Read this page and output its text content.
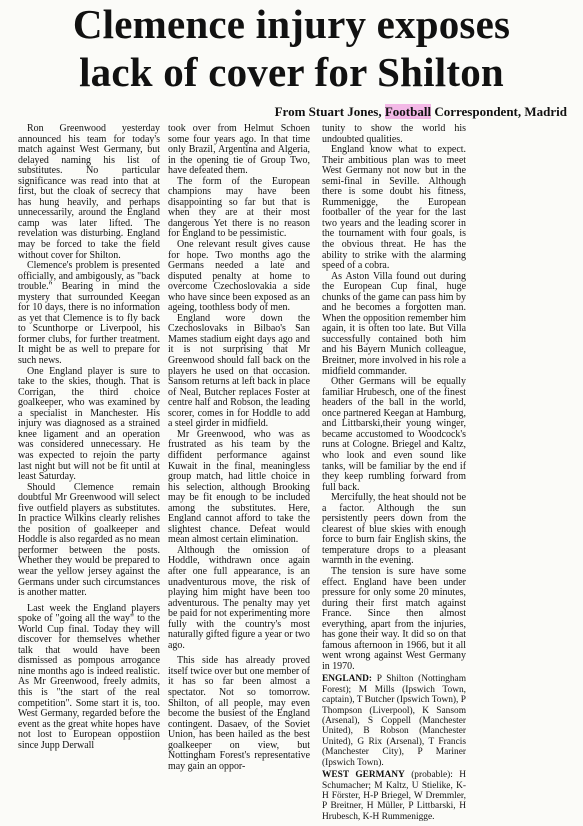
Clemence injury exposes
lack of cover for Shilton
From Stuart Jones, Football Correspondent, Madrid

Ron Greenwood yesterday announced his team for today's match against West Germany, but delayed naming his list of substitutes. No particular significance was read into that at first, but the cloak of secrecy that has hung heavily, and perhaps unnecessarily, around the England camp was later lifted. The revelation was disturbing. England may be forced to take the field without cover for Shilton.

Clemence's problem is presented officially, and ambigously, as "back trouble." Bearing in mind the mystery that surrounded Keegan for 10 days, there is no information as yet that Clemence is to fly back to Scunthorpe or Liverpool, his former clubs, for further treatment. It might be as well to prepare for such news.

One England player is sure to take to the skies, though. That is Corrigan, the third choice goalkeeper, who was examined by a specialist in Manchester. His injury was diagnosed as a strained knee ligament and an operation was considered unnecessary. He was expected to rejoin the party last night but will not be fit until at least Saturday.

Should Clemence remain doubtful Mr Greenwood will select five outfield players as substitutes. In practice Wilkins clearly relishes the position of goalkeeper and Hoddle is also regarded as no mean performer between the posts. Whether they would be prepared to wear the yellow jersey against the Germans under such circumstances is another matter.

Last week the England players spoke of "going all the way" to the World Cup final. Today they will discover for themselves whether talk that would have been dismissed as pompous arrogance nine months ago is indeed realistic. As Mr Greenwood, freely admits, this is "the start of the real competition". Some start it is, too. West Germany, regarded before the event as the great white hopes have not lost to European oppostiion since Jupp Derwall

took over from Helmut Schoen some four years ago. In that time only Brazil, Argentina and Algeria, in the opening tie of Group Two, have defeated them.

The form of the European champions may have been disappointing so far but that is when they are at their most dangerous Yet there is no reason for England to be pessimistic.

One relevant result gives cause for hope. Two months ago the Germans needed a late and disputed penalty at home to overcome Czechoslovakia a side who have since been exposed as an ageing, toothless body of men.

England wore down the Czechoslovaks in Bilbao's San Mames stadium eight days ago and it is not surprising that Mr Greenwood should fall back on the players he used on that occasion. Sansom returns at left back in place of Neal, Butcher replaces Foster at centre half and Robson, the leading scorer, comes in for Hoddle to add a steel girder in midfield.

Mr Greenwood, who was as frustrated as his team by the diffident performance against Kuwait in the final, meaningless group match, had little choice in his selection, although Brooking may be fit enough to be included among the substitutes. Here, England cannot afford to take the slightest chance. Defeat would mean almost certain elimination.

Although the omission of Hoddle, withdrawn once again after one full appearance, is an unadventurous move, the risk of playing him might have been too adventurous. The penalty may yet be paid for not experimenting more fully with the country's most naturally gifted figure a year or two ago.

This side has already proved itself twice over but one member of it has so far been almost a spectator. Not so tomorrow. Shilton, of all people, may even become the busiest of the England contingent. Dasaev, of the Soviet Union, has been hailed as the best goalkeeper on view, but Nottingham Forest's representative may gain an oppor-

tunity to show the world his undoubted qualities.

England know what to expect. Their ambitious plan was to meet West Germany not now but in the semi-final in Seville. Although there is some doubt his fitness, Rummenigge, the European footballer of the year for the last two years and the leading scorer in the tournament with four goals, is the obvious threat. He has the ability to strike with the alarming speed of a cobra.

As Aston Villa found out during the European Cup final, huge chunks of the game can pass him by and he becomes a forgotten man. When the opposition remember him again, it is often too late. But Villa successfully contained both him and his Bayern Munich colleague, Breitner, more involved in his role a midfield commander.

Other Germans will be equally familiar Hrubesch, one of the finest headers of the ball in the world, once partnered Keegan at Hamburg, and Littbarski,their young winger, became accustomed to Woodcock's runs at Cologne. Briegel and Kaltz, who look and even sound like tanks, will be familiar by the end if they keep rumbling forward from full back.

Mercifully, the heat should not be a factor. Although the sun persistently peers down from the clearest of blue skies with enough force to burn fair English skins, the temperature drops to a pleasant warmth in the evening.

The tension is sure have some effect. England have been under pressure for only some 20 minutes, during their first match against France. Since then almost everything, apart from the injuries, has gone their way. It did so on that famous afternoon in 1966, but it all went wrong against West Germany in 1970.

ENGLAND: P Shilton (Nottingham Forest); M Mills (Ipswich Town, captain), T Butcher (Ipswich Town), P Thompson (Liverpool), K Sansom (Arsenal), S Coppell (Manchester United), B Robson (Manchester United), G Rix (Arsenal), T Francis (Manchester City), P Mariner (Ipswich Town).

WEST GERMANY (probable): H Schumacher; M Kaltz, U Stielike, K-H Förster, H-P Briegel, W Dremmler, P Breitner, H Müller, P Littbarski, H Hrubesch, K-H Rummenigge.
